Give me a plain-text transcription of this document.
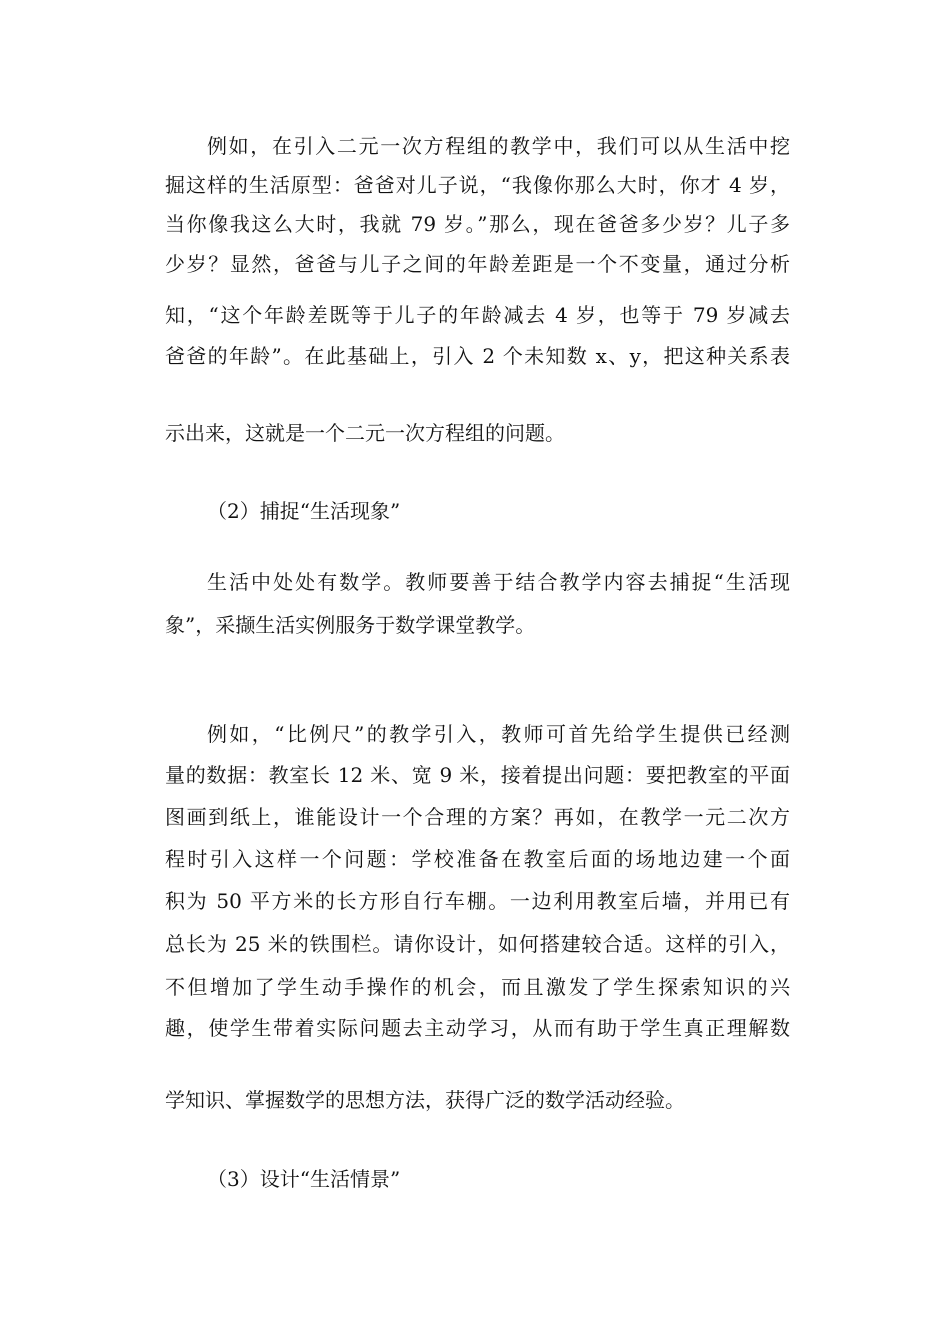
例如，在引入二元一次方程组的教学中，我们可以从生活中挖
掘这样的生活原型：爸爸对儿子说，“我像你那么大时，你才 4 岁，
当你像我这么大时，我就 79 岁。”那么，现在爸爸多少岁？儿子多
少岁？显然，爸爸与儿子之间的年龄差距是一个不变量，通过分析
知，“这个年龄差既等于儿子的年龄减去 4 岁，也等于 79 岁减去
爸爸的年龄”。在此基础上，引入 2 个未知数 x、y，把这种关系表
示出来，这就是一个二元一次方程组的问题。
（2）捕捉“生活现象”
生活中处处有数学。教师要善于结合教学内容去捕捉“生活现
象”，采撷生活实例服务于数学课堂教学。
例如，“比例尺”的教学引入，教师可首先给学生提供已经测
量的数据：教室长 12 米、宽 9 米，接着提出问题：要把教室的平面
图画到纸上，谁能设计一个合理的方案？再如，在教学一元二次方
程时引入这样一个问题：学校准备在教室后面的场地边建一个面
积为 50 平方米的长方形自行车棚。一边利用教室后墙，并用已有
总长为 25 米的铁围栏。请你设计，如何搭建较合适。这样的引入，
不但增加了学生动手操作的机会，而且激发了学生探索知识的兴
趣，使学生带着实际问题去主动学习，从而有助于学生真正理解数
学知识、掌握数学的思想方法，获得广泛的数学活动经验。
（3）设计“生活情景”
